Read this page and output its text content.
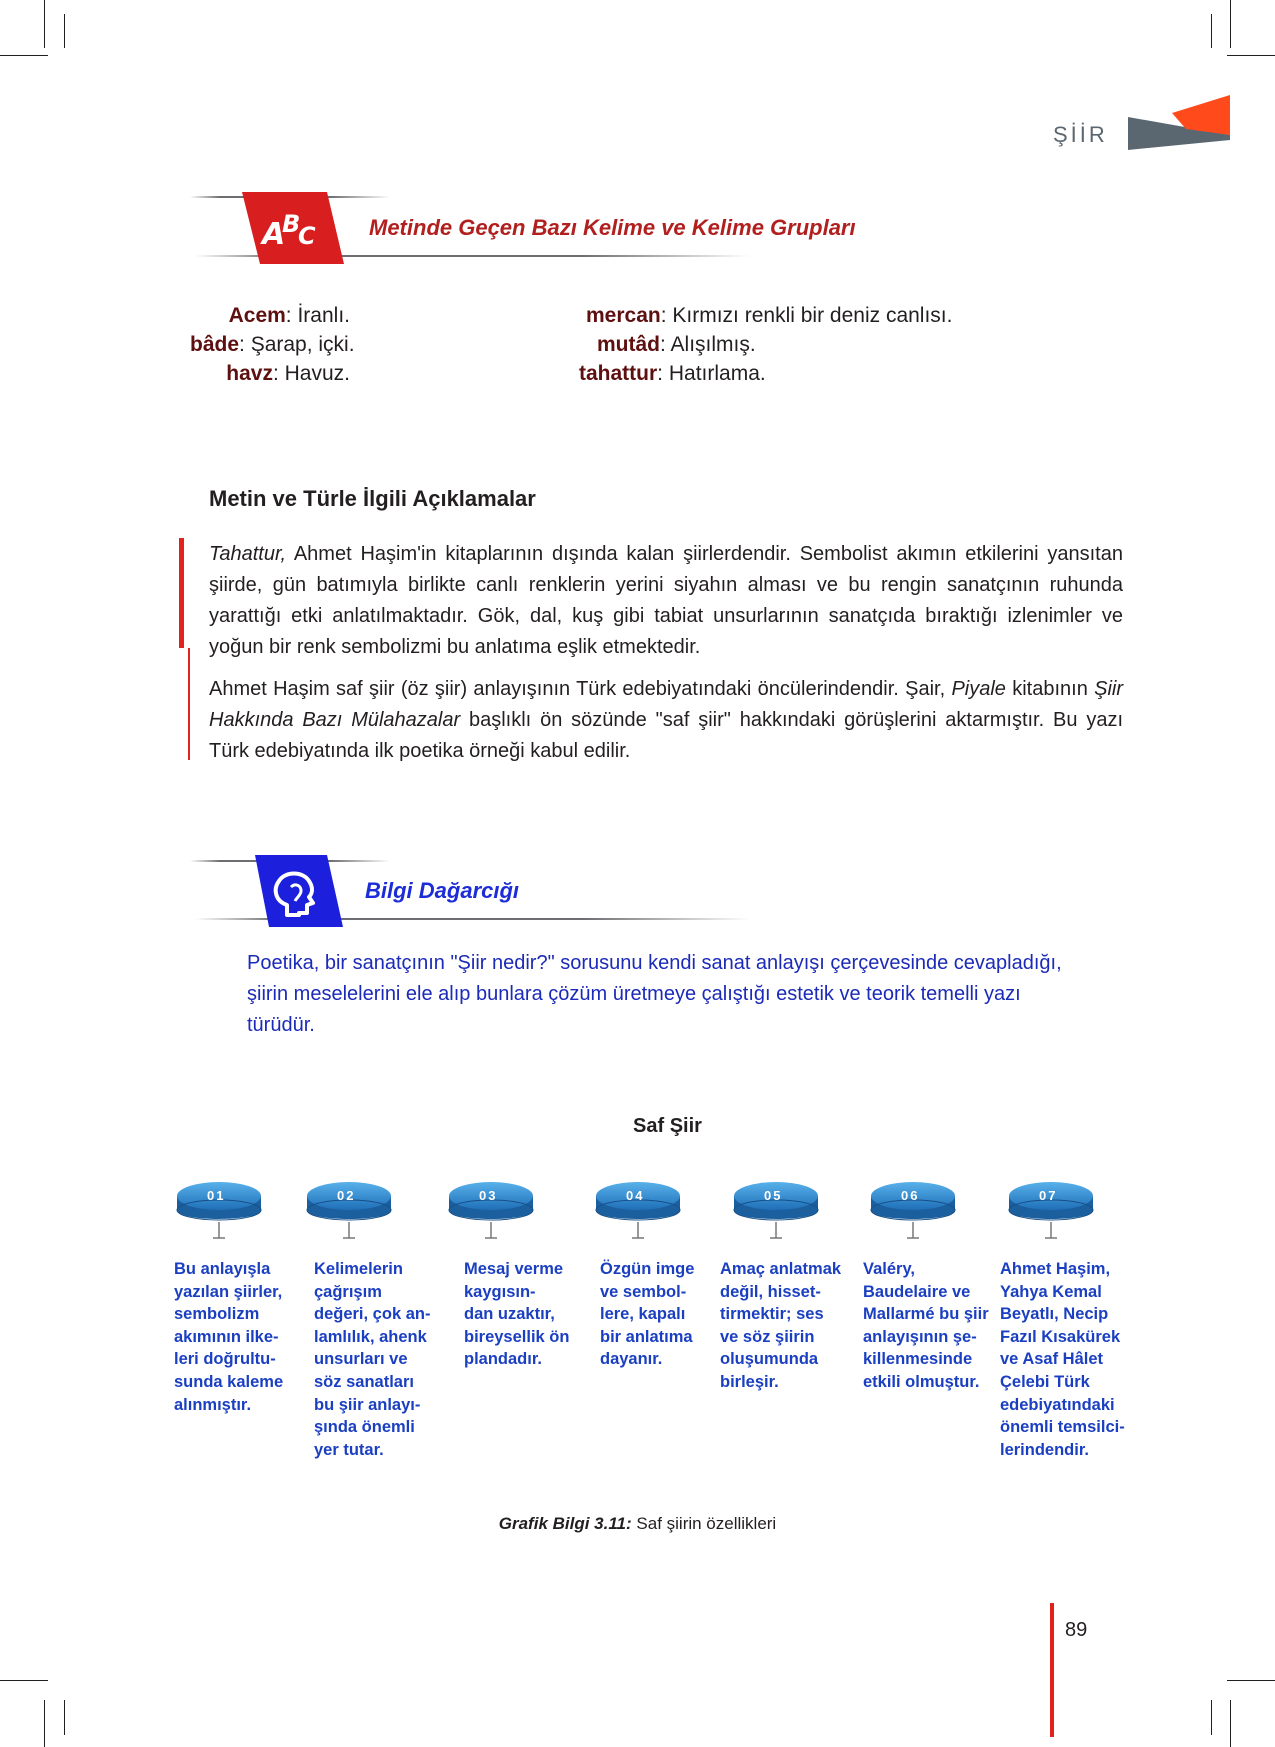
ŞİİR
A
B
C Metinde Geçen Bazı Kelime ve Kelime Grupları
Acem: İranlı.
bâde: Şarap, içki.
havz: Havuz.
mercan: Kırmızı renkli bir deniz canlısı.
mutâd: Alışılmış.
tahattur: Hatırlama.
Metin ve Türle İlgili Açıklamalar
Tahattur, Ahmet Haşim'in kitaplarının dışında kalan şiirlerdendir. Sembolist akımın etkilerini yansıtan şiirde, gün batımıyla birlikte canlı renklerin yerini siyahın alması ve bu rengin sanatçının ruhunda yarattığı etki anlatılmaktadır. Gök, dal, kuş gibi tabiat unsurlarının sanatçıda bıraktığı izlenimler ve yoğun bir renk sembolizmi bu anlatıma eşlik etmektedir.
Ahmet Haşim saf şiir (öz şiir) anlayışının Türk edebiyatındaki öncülerindendir. Şair, Piyale kitabının Şiir Hakkında Bazı Mülahazalar başlıklı ön sözünde "saf şiir" hakkındaki görüşlerini aktarmıştır. Bu yazı Türk edebiyatında ilk poetika örneği kabul edilir.
Bilgi Dağarcığı
Poetika, bir sanatçının "Şiir nedir?" sorusunu kendi sanat anlayışı çerçevesinde cevapladığı, şiirin meselelerini ele alıp bunlara çözüm üretmeye çalıştığı estetik ve teorik temelli yazı türüdür.
Saf Şiir
01
Bu anlayışla
yazılan şiirler,
sembolizm
akımının ilke-
leri doğrultu-
sunda kaleme
alınmıştır.
02
Kelimelerin
çağrışım
değeri, çok an-
lamlılık, ahenk
unsurları ve
söz sanatları
bu şiir anlayı-
şında önemli
yer tutar.
03
Mesaj verme
kaygısın-
dan uzaktır,
bireysellik ön
plandadır.
04
Özgün imge
ve sembol-
lere, kapalı
bir anlatıma
dayanır.
05
Amaç anlatmak
değil, hisset-
tirmektir; ses
ve söz şiirin
oluşumunda
birleşir.
06
Valéry,
Baudelaire ve
Mallarmé bu şiir
anlayışının şe-
killenmesinde
etkili olmuştur.
07
Ahmet Haşim,
Yahya Kemal
Beyatlı, Necip
Fazıl Kısakürek
ve Asaf Hâlet
Çelebi Türk
edebiyatındaki
önemli temsilci-
lerindendir.
Grafik Bilgi 3.11: Saf şiirin özellikleri
89
